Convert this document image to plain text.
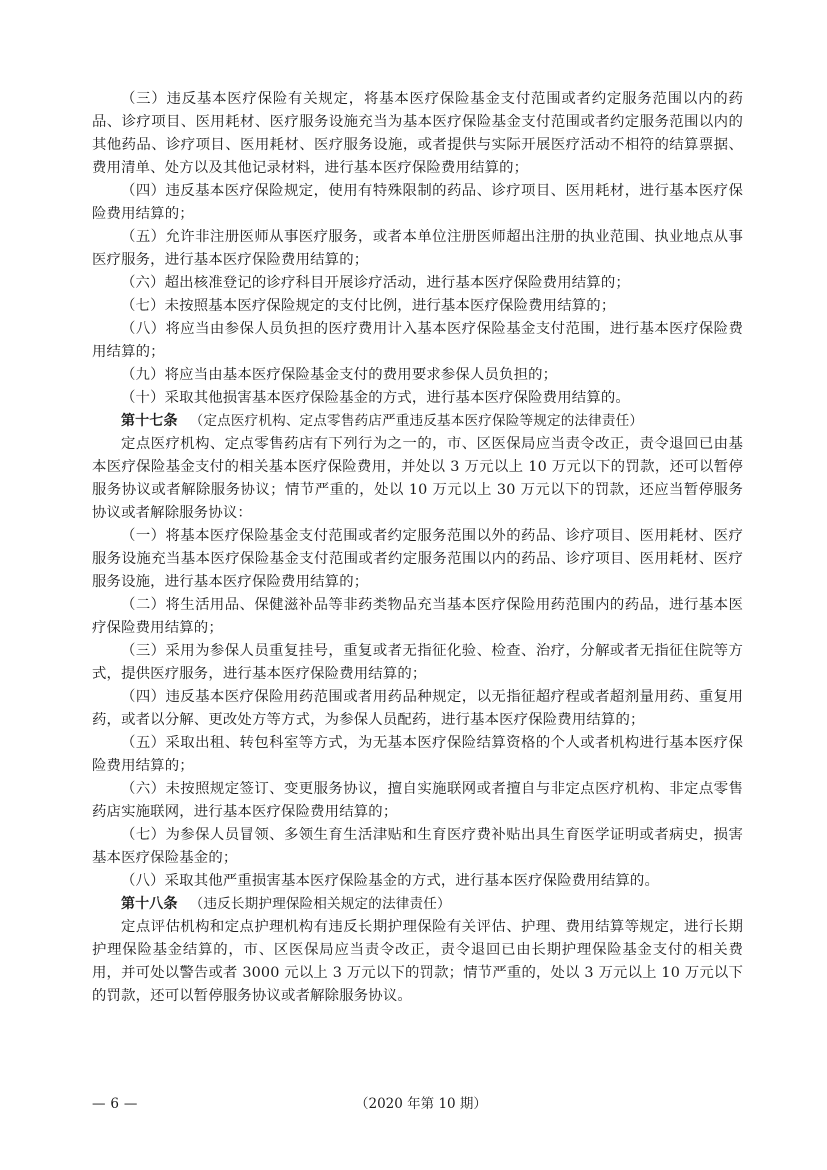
（三）违反基本医疗保险有关规定，将基本医疗保险基金支付范围或者约定服务范围以内的药品、诊疗项目、医用耗材、医疗服务设施充当为基本医疗保险基金支付范围或者约定服务范围以内的其他药品、诊疗项目、医用耗材、医疗服务设施，或者提供与实际开展医疗活动不相符的结算票据、费用清单、处方以及其他记录材料，进行基本医疗保险费用结算的；

（四）违反基本医疗保险规定，使用有特殊限制的药品、诊疗项目、医用耗材，进行基本医疗保险费用结算的；

（五）允许非注册医师从事医疗服务，或者本单位注册医师超出注册的执业范围、执业地点从事医疗服务，进行基本医疗保险费用结算的；

（六）超出核准登记的诊疗科目开展诊疗活动，进行基本医疗保险费用结算的；

（七）未按照基本医疗保险规定的支付比例，进行基本医疗保险费用结算的；

（八）将应当由参保人员负担的医疗费用计入基本医疗保险基金支付范围，进行基本医疗保险费用结算的；

（九）将应当由基本医疗保险基金支付的费用要求参保人员负担的；

（十）采取其他损害基本医疗保险基金的方式，进行基本医疗保险费用结算的。

第十七条 （定点医疗机构、定点零售药店严重违反基本医疗保险等规定的法律责任）

定点医疗机构、定点零售药店有下列行为之一的，市、区医保局应当责令改正，责令退回已由基本医疗保险基金支付的相关基本医疗保险费用，并处以 3 万元以上 10 万元以下的罚款，还可以暂停服务协议或者解除服务协议；情节严重的，处以 10 万元以上 30 万元以下的罚款，还应当暂停服务协议或者解除服务协议：

（一）将基本医疗保险基金支付范围或者约定服务范围以外的药品、诊疗项目、医用耗材、医疗服务设施充当基本医疗保险基金支付范围或者约定服务范围以内的药品、诊疗项目、医用耗材、医疗服务设施，进行基本医疗保险费用结算的；

（二）将生活用品、保健滋补品等非药类物品充当基本医疗保险用药范围内的药品，进行基本医疗保险费用结算的；

（三）采用为参保人员重复挂号，重复或者无指征化验、检查、治疗，分解或者无指征住院等方式，提供医疗服务，进行基本医疗保险费用结算的；

（四）违反基本医疗保险用药范围或者用药品种规定，以无指征超疗程或者超剂量用药、重复用药，或者以分解、更改处方等方式，为参保人员配药，进行基本医疗保险费用结算的；

（五）采取出租、转包科室等方式，为无基本医疗保险结算资格的个人或者机构进行基本医疗保险费用结算的；

（六）未按照规定签订、变更服务协议，擅自实施联网或者擅自与非定点医疗机构、非定点零售药店实施联网，进行基本医疗保险费用结算的；

（七）为参保人员冒领、多领生育生活津贴和生育医疗费补贴出具生育医学证明或者病史，损害基本医疗保险基金的；

（八）采取其他严重损害基本医疗保险基金的方式，进行基本医疗保险费用结算的。

第十八条 （违反长期护理保险相关规定的法律责任）

定点评估机构和定点护理机构有违反长期护理保险有关评估、护理、费用结算等规定，进行长期护理保险基金结算的，市、区医保局应当责令改正，责令退回已由长期护理保险基金支付的相关费用，并可处以警告或者 3000 元以上 3 万元以下的罚款；情节严重的，处以 3 万元以上 10 万元以下的罚款，还可以暂停服务协议或者解除服务协议。

— 6 —	（2020 年第 10 期）
